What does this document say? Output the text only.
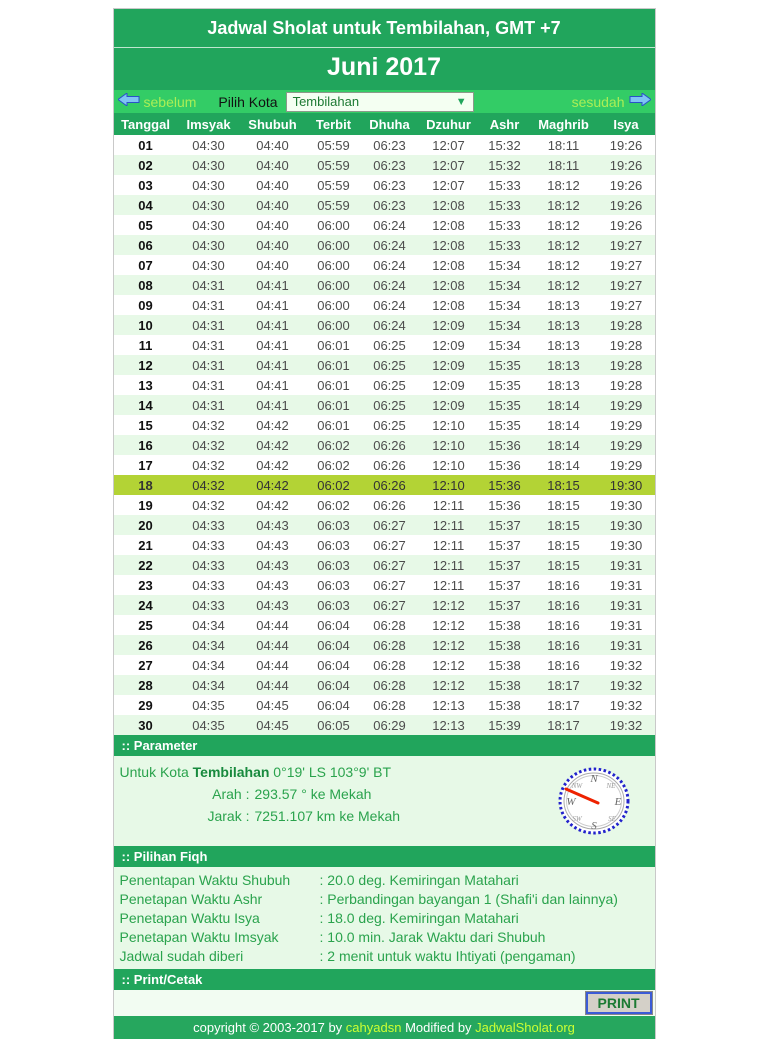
Jadwal Sholat untuk Tembilahan, GMT +7
Juni 2017
sebelum Pilih Kota Tembilahan	▼	sesudah
Tanggal	Imsyak	Shubuh	Terbit	Dhuha	Dzuhur	Ashr	Maghrib	Isya
01	04:30	04:40	05:59	06:23	12:07	15:32	18:11	19:26
02	04:30	04:40	05:59	06:23	12:07	15:32	18:11	19:26
03	04:30	04:40	05:59	06:23	12:07	15:33	18:12	19:26
04	04:30	04:40	05:59	06:23	12:08	15:33	18:12	19:26
05	04:30	04:40	06:00	06:24	12:08	15:33	18:12	19:26
06	04:30	04:40	06:00	06:24	12:08	15:33	18:12	19:27
07	04:30	04:40	06:00	06:24	12:08	15:34	18:12	19:27
08	04:31	04:41	06:00	06:24	12:08	15:34	18:12	19:27
09	04:31	04:41	06:00	06:24	12:08	15:34	18:13	19:27
10	04:31	04:41	06:00	06:24	12:09	15:34	18:13	19:28
11	04:31	04:41	06:01	06:25	12:09	15:34	18:13	19:28
12	04:31	04:41	06:01	06:25	12:09	15:35	18:13	19:28
13	04:31	04:41	06:01	06:25	12:09	15:35	18:13	19:28
14	04:31	04:41	06:01	06:25	12:09	15:35	18:14	19:29
15	04:32	04:42	06:01	06:25	12:10	15:35	18:14	19:29
16	04:32	04:42	06:02	06:26	12:10	15:36	18:14	19:29
17	04:32	04:42	06:02	06:26	12:10	15:36	18:14	19:29
18	04:32	04:42	06:02	06:26	12:10	15:36	18:15	19:30
19	04:32	04:42	06:02	06:26	12:11	15:36	18:15	19:30
20	04:33	04:43	06:03	06:27	12:11	15:37	18:15	19:30
21	04:33	04:43	06:03	06:27	12:11	15:37	18:15	19:30
22	04:33	04:43	06:03	06:27	12:11	15:37	18:15	19:31
23	04:33	04:43	06:03	06:27	12:11	15:37	18:16	19:31
24	04:33	04:43	06:03	06:27	12:12	15:37	18:16	19:31
25	04:34	04:44	06:04	06:28	12:12	15:38	18:16	19:31
26	04:34	04:44	06:04	06:28	12:12	15:38	18:16	19:31
27	04:34	04:44	06:04	06:28	12:12	15:38	18:16	19:32
28	04:34	04:44	06:04	06:28	12:12	15:38	18:17	19:32
29	04:35	04:45	06:04	06:28	12:13	15:38	18:17	19:32
30	04:35	04:45	06:05	06:29	12:13	15:39	18:17	19:32
:: Parameter
Untuk Kota Tembilahan 0°19' LS 103°9' BT
Arah : 293.57 ° ke Mekah
Jarak : 7251.107 km ke Mekah
N
E
S
W
NE
SE
SW
NW
:: Pilihan Fiqh
Penentapan Waktu Shubuh	: 20.0 deg. Kemiringan Matahari
Penetapan Waktu Ashr	: Perbandingan bayangan 1 (Shafi'i dan lainnya)
Penetapan Waktu Isya	: 18.0 deg. Kemiringan Matahari
Penetapan Waktu Imsyak	: 10.0 min. Jarak Waktu dari Shubuh
Jadwal sudah diberi	: 2 menit untuk waktu Ihtiyati (pengaman)
:: Print/Cetak
PRINT
copyright © 2003-2017 by cahyadsn Modified by JadwalSholat.org
